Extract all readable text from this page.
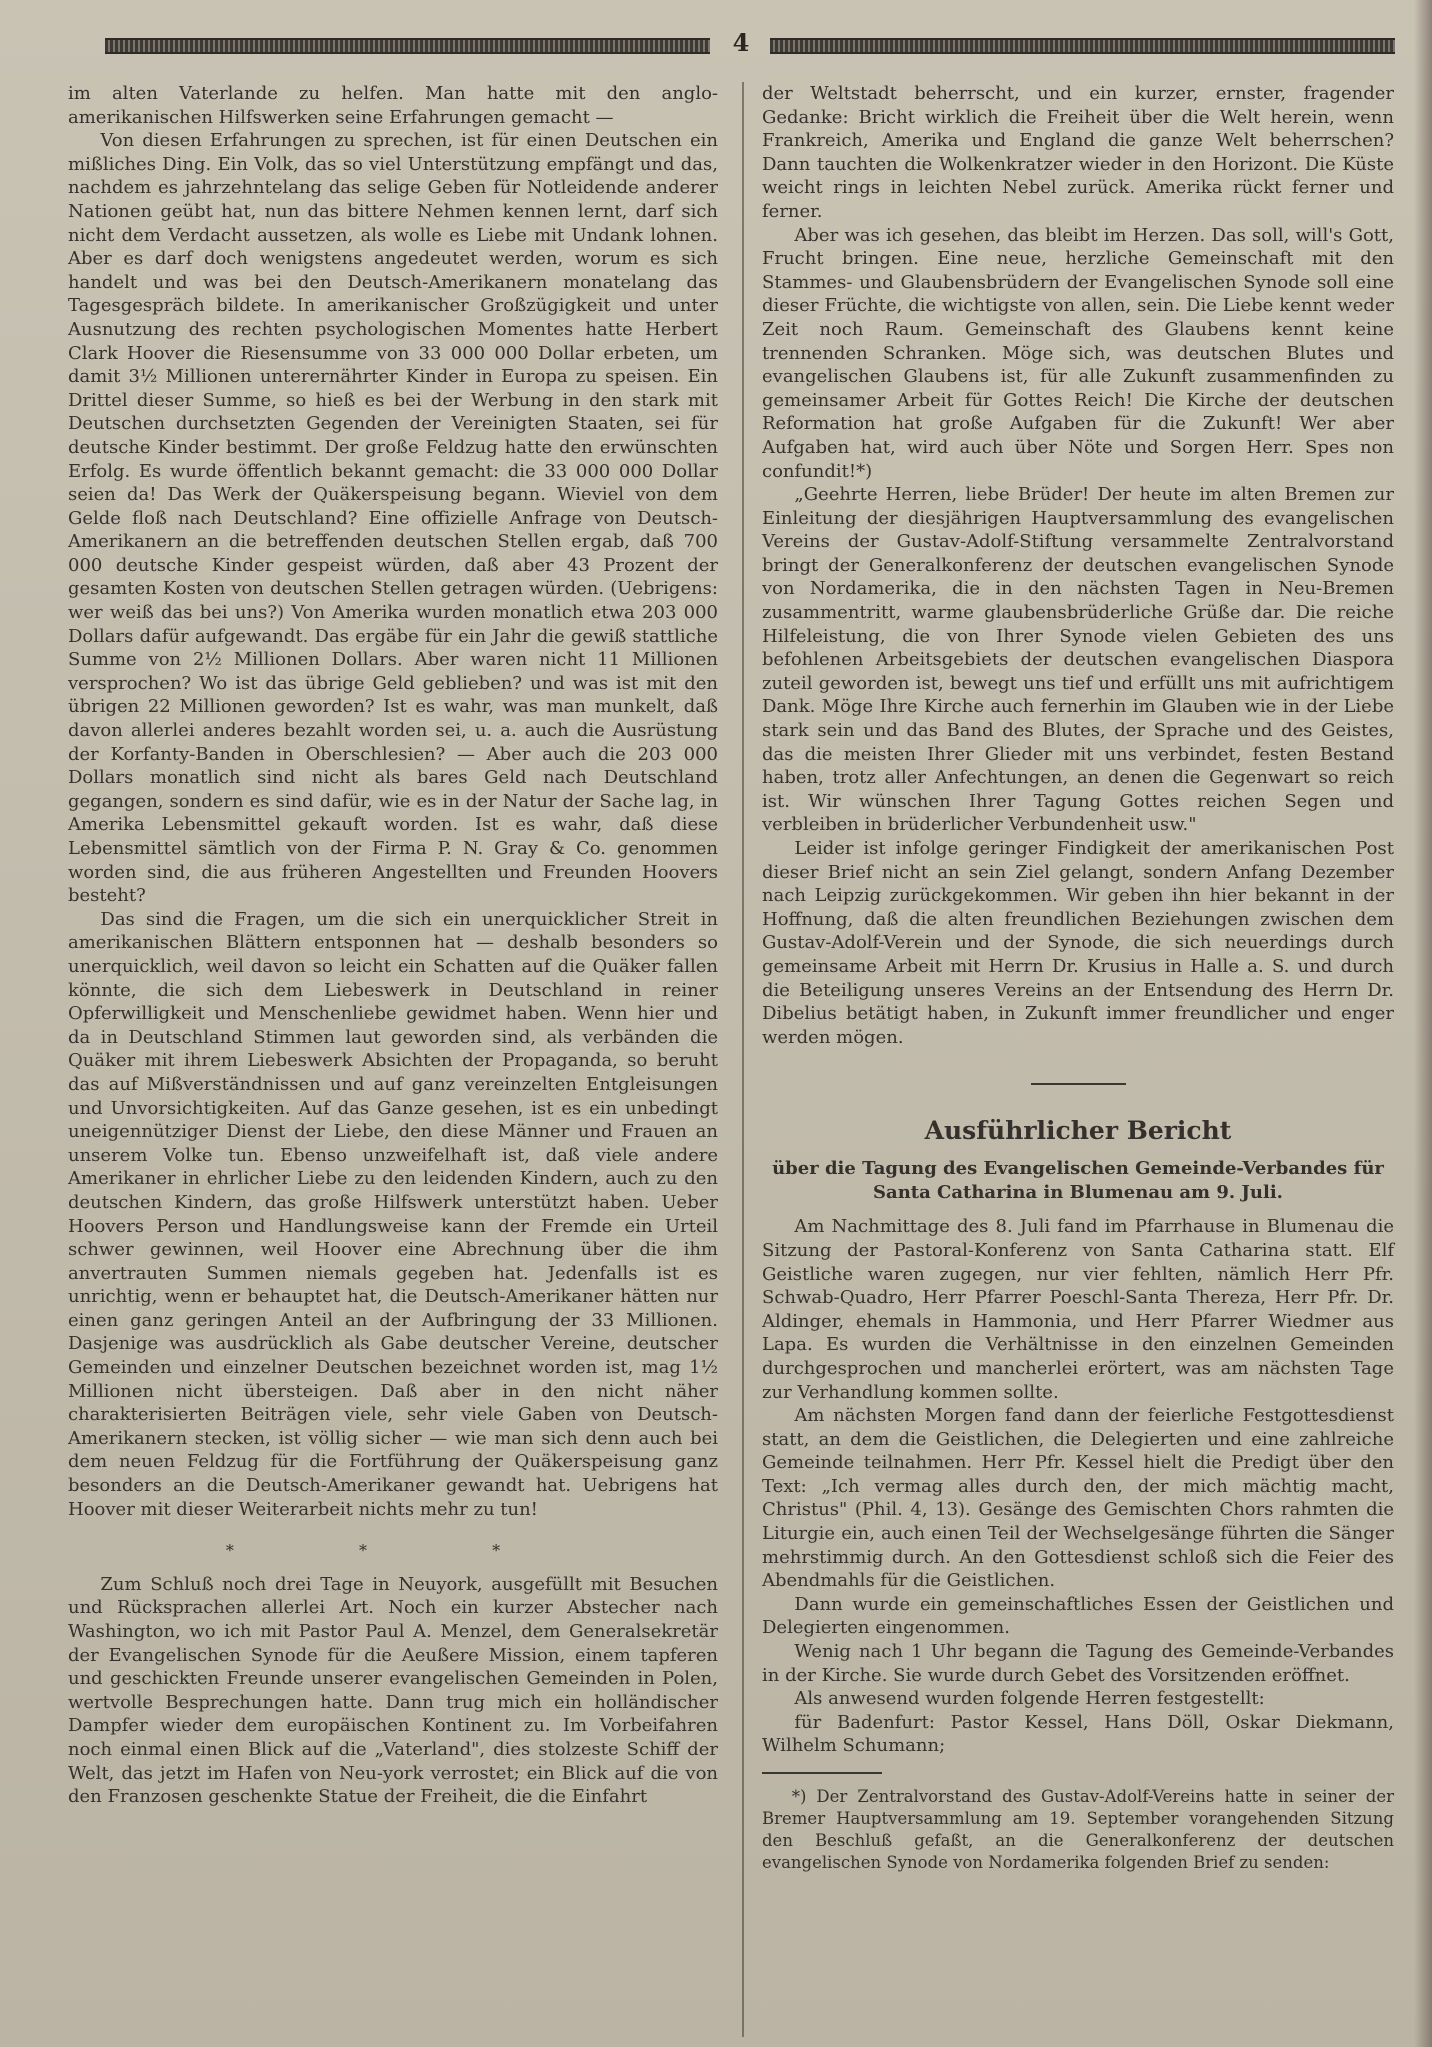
4

im alten Vaterlande zu helfen. Man hatte mit den anglo-amerikanischen Hilfswerken seine Erfahrungen gemacht —

Von diesen Erfahrungen zu sprechen, ist für einen Deutschen ein mißliches Ding. Ein Volk, das so viel Unterstützung empfängt und das, nachdem es jahrzehntelang das selige Geben für Notleidende anderer Nationen geübt hat, nun das bittere Nehmen kennen lernt, darf sich nicht dem Verdacht aussetzen, als wolle es Liebe mit Undank lohnen. Aber es darf doch wenigstens angedeutet werden, worum es sich handelt und was bei den Deutsch-Amerikanern monatelang das Tagesgespräch bildete. In amerikanischer Großzügigkeit und unter Ausnutzung des rechten psychologischen Momentes hatte Herbert Clark Hoover die Riesensumme von 33 000 000 Dollar erbeten, um damit 3½ Millionen unterernährter Kinder in Europa zu speisen. Ein Drittel dieser Summe, so hieß es bei der Werbung in den stark mit Deutschen durchsetzten Gegenden der Vereinigten Staaten, sei für deutsche Kinder bestimmt. Der große Feldzug hatte den erwünschten Erfolg. Es wurde öffentlich bekannt gemacht: die 33 000 000 Dollar seien da! Das Werk der Quäkerspeisung begann. Wieviel von dem Gelde floß nach Deutschland? Eine offizielle Anfrage von Deutsch-Amerikanern an die betreffenden deutschen Stellen ergab, daß 700 000 deutsche Kinder gespeist würden, daß aber 43 Prozent der gesamten Kosten von deutschen Stellen getragen würden. (Uebrigens: wer weiß das bei uns?) Von Amerika wurden monatlich etwa 203 000 Dollars dafür aufgewandt. Das ergäbe für ein Jahr die gewiß stattliche Summe von 2½ Millionen Dollars. Aber waren nicht 11 Millionen versprochen? Wo ist das übrige Geld geblieben? und was ist mit den übrigen 22 Millionen geworden? Ist es wahr, was man munkelt, daß davon allerlei anderes bezahlt worden sei, u. a. auch die Ausrüstung der Korfanty-Banden in Oberschlesien? — Aber auch die 203 000 Dollars monatlich sind nicht als bares Geld nach Deutschland gegangen, sondern es sind dafür, wie es in der Natur der Sache lag, in Amerika Lebensmittel gekauft worden. Ist es wahr, daß diese Lebensmittel sämtlich von der Firma P. N. Gray & Co. genommen worden sind, die aus früheren Angestellten und Freunden Hoovers besteht?

Das sind die Fragen, um die sich ein unerquicklicher Streit in amerikanischen Blättern entsponnen hat — deshalb besonders so unerquicklich, weil davon so leicht ein Schatten auf die Quäker fallen könnte, die sich dem Liebeswerk in Deutschland in reiner Opferwilligkeit und Menschenliebe gewidmet haben. Wenn hier und da in Deutschland Stimmen laut geworden sind, als verbänden die Quäker mit ihrem Liebeswerk Absichten der Propaganda, so beruht das auf Mißverständnissen und auf ganz vereinzelten Entgleisungen und Unvorsichtigkeiten. Auf das Ganze gesehen, ist es ein unbedingt uneigennütziger Dienst der Liebe, den diese Männer und Frauen an unserem Volke tun. Ebenso unzweifelhaft ist, daß viele andere Amerikaner in ehrlicher Liebe zu den leidenden Kindern, auch zu den deutschen Kindern, das große Hilfswerk unterstützt haben. Ueber Hoovers Person und Handlungsweise kann der Fremde ein Urteil schwer gewinnen, weil Hoover eine Abrechnung über die ihm anvertrauten Summen niemals gegeben hat. Jedenfalls ist es unrichtig, wenn er behauptet hat, die Deutsch-Amerikaner hätten nur einen ganz geringen Anteil an der Aufbringung der 33 Millionen. Dasjenige was ausdrücklich als Gabe deutscher Vereine, deutscher Gemeinden und einzelner Deutschen bezeichnet worden ist, mag 1½ Millionen nicht übersteigen. Daß aber in den nicht näher charakterisierten Beiträgen viele, sehr viele Gaben von Deutsch-Amerikanern stecken, ist völlig sicher — wie man sich denn auch bei dem neuen Feldzug für die Fortführung der Quäkerspeisung ganz besonders an die Deutsch-Amerikaner gewandt hat. Uebrigens hat Hoover mit dieser Weiterarbeit nichts mehr zu tun!

* * *

Zum Schluß noch drei Tage in Neuyork, ausgefüllt mit Besuchen und Rücksprachen allerlei Art. Noch ein kurzer Abstecher nach Washington, wo ich mit Pastor Paul A. Menzel, dem Generalsekretär der Evangelischen Synode für die Aeußere Mission, einem tapferen und geschickten Freunde unserer evangelischen Gemeinden in Polen, wertvolle Besprechungen hatte. Dann trug mich ein holländischer Dampfer wieder dem europäischen Kontinent zu. Im Vorbeifahren noch einmal einen Blick auf die „Vaterland", dies stolzeste Schiff der Welt, das jetzt im Hafen von Neu-york verrostet; ein Blick auf die von den Franzosen geschenkte Statue der Freiheit, die die Einfahrt

der Weltstadt beherrscht, und ein kurzer, ernster, fragender Gedanke: Bricht wirklich die Freiheit über die Welt herein, wenn Frankreich, Amerika und England die ganze Welt beherrschen? Dann tauchten die Wolkenkratzer wieder in den Horizont. Die Küste weicht rings in leichten Nebel zurück. Amerika rückt ferner und ferner.

Aber was ich gesehen, das bleibt im Herzen. Das soll, will's Gott, Frucht bringen. Eine neue, herzliche Gemeinschaft mit den Stammes- und Glaubensbrüdern der Evangelischen Synode soll eine dieser Früchte, die wichtigste von allen, sein. Die Liebe kennt weder Zeit noch Raum. Gemeinschaft des Glaubens kennt keine trennenden Schranken. Möge sich, was deutschen Blutes und evangelischen Glaubens ist, für alle Zukunft zusammenfinden zu gemeinsamer Arbeit für Gottes Reich! Die Kirche der deutschen Reformation hat große Aufgaben für die Zukunft! Wer aber Aufgaben hat, wird auch über Nöte und Sorgen Herr. Spes non confundit!*)

„Geehrte Herren, liebe Brüder! Der heute im alten Bremen zur Einleitung der diesjährigen Hauptversammlung des evangelischen Vereins der Gustav-Adolf-Stiftung versammelte Zentralvorstand bringt der Generalkonferenz der deutschen evangelischen Synode von Nordamerika, die in den nächsten Tagen in Neu-Bremen zusammentritt, warme glaubensbrüderliche Grüße dar. Die reiche Hilfeleistung, die von Ihrer Synode vielen Gebieten des uns befohlenen Arbeitsgebiets der deutschen evangelischen Diaspora zuteil geworden ist, bewegt uns tief und erfüllt uns mit aufrichtigem Dank. Möge Ihre Kirche auch fernerhin im Glauben wie in der Liebe stark sein und das Band des Blutes, der Sprache und des Geistes, das die meisten Ihrer Glieder mit uns verbindet, festen Bestand haben, trotz aller Anfechtungen, an denen die Gegenwart so reich ist. Wir wünschen Ihrer Tagung Gottes reichen Segen und verbleiben in brüderlicher Verbundenheit usw."

Leider ist infolge geringer Findigkeit der amerikanischen Post dieser Brief nicht an sein Ziel gelangt, sondern Anfang Dezember nach Leipzig zurückgekommen. Wir geben ihn hier bekannt in der Hoffnung, daß die alten freundlichen Beziehungen zwischen dem Gustav-Adolf-Verein und der Synode, die sich neuerdings durch gemeinsame Arbeit mit Herrn Dr. Krusius in Halle a. S. und durch die Beteiligung unseres Vereins an der Entsendung des Herrn Dr. Dibelius betätigt haben, in Zukunft immer freundlicher und enger werden mögen.

Ausführlicher Bericht
über die Tagung des Evangelischen Gemeinde-Verbandes für Santa Catharina in Blumenau am 9. Juli.

Am Nachmittage des 8. Juli fand im Pfarrhause in Blumenau die Sitzung der Pastoral-Konferenz von Santa Catharina statt. Elf Geistliche waren zugegen, nur vier fehlten, nämlich Herr Pfr. Schwab-Quadro, Herr Pfarrer Poeschl-Santa Thereza, Herr Pfr. Dr. Aldinger, ehemals in Hammonia, und Herr Pfarrer Wiedmer aus Lapa. Es wurden die Verhältnisse in den einzelnen Gemeinden durchgesprochen und mancherlei erörtert, was am nächsten Tage zur Verhandlung kommen sollte.

Am nächsten Morgen fand dann der feierliche Festgottesdienst statt, an dem die Geistlichen, die Delegierten und eine zahlreiche Gemeinde teilnahmen. Herr Pfr. Kessel hielt die Predigt über den Text: „Ich vermag alles durch den, der mich mächtig macht, Christus" (Phil. 4, 13). Gesänge des Gemischten Chors rahmten die Liturgie ein, auch einen Teil der Wechselgesänge führten die Sänger mehrstimmig durch. An den Gottesdienst schloß sich die Feier des Abendmahls für die Geistlichen.

Dann wurde ein gemeinschaftliches Essen der Geistlichen und Delegierten eingenommen.

Wenig nach 1 Uhr begann die Tagung des Gemeinde-Verbandes in der Kirche. Sie wurde durch Gebet des Vorsitzenden eröffnet.

Als anwesend wurden folgende Herren festgestellt:

für Badenfurt: Pastor Kessel, Hans Döll, Oskar Diekmann, Wilhelm Schumann;

*) Der Zentralvorstand des Gustav-Adolf-Vereins hatte in seiner der Bremer Hauptversammlung am 19. September vorangehenden Sitzung den Beschluß gefaßt, an die Generalkonferenz der deutschen evangelischen Synode von Nordamerika folgenden Brief zu senden:
